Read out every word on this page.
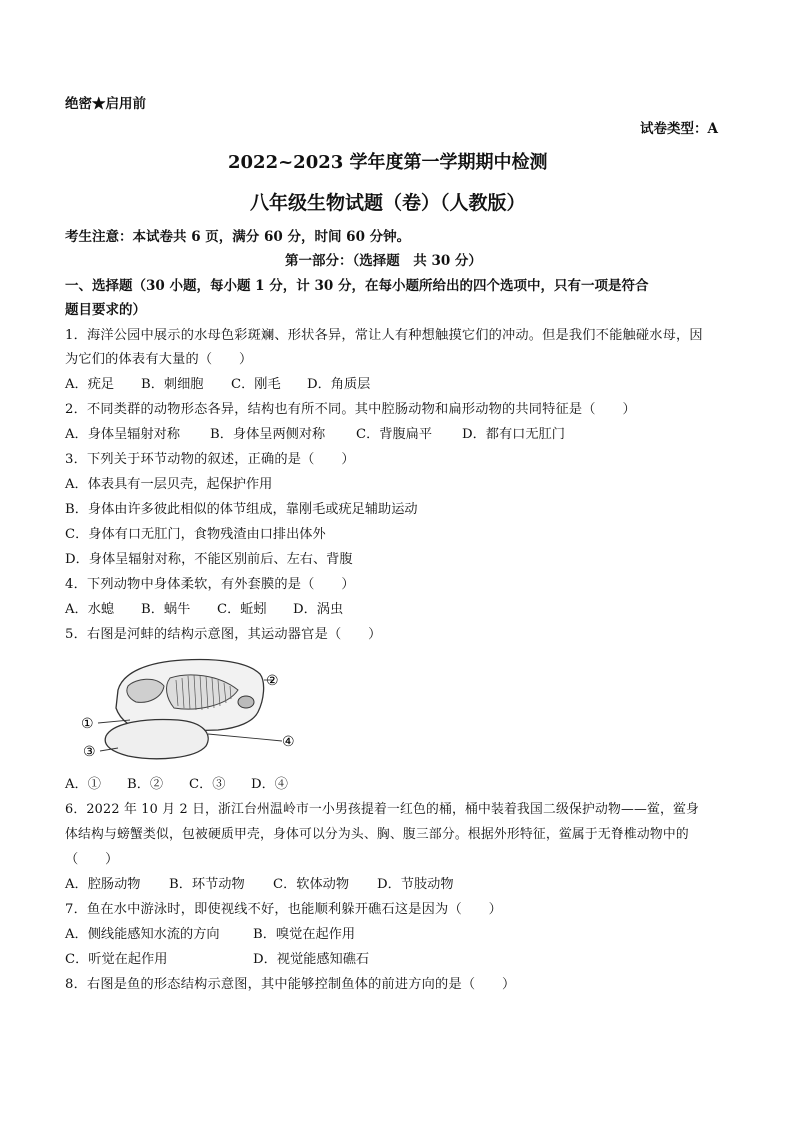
绝密★启用前
试卷类型：A
2022~2023 学年度第一学期期中检测
八年级生物试题（卷）（人教版）
考生注意：本试卷共 6 页，满分 60 分，时间 60 分钟。
第一部分：（选择题　共 30 分）
一、选择题（30 小题，每小题 1 分，计 30 分，在每小题所给出的四个选项中，只有一项是符合
题目要求的）
1．海洋公园中展示的水母色彩斑斓、形状各异，常让人有种想触摸它们的冲动。但是我们不能触碰水母，因
为它们的体表有大量的（　　）
A．疣足 B．刺细胞 C．刚毛 D．角质层
2．不同类群的动物形态各异，结构也有所不同。其中腔肠动物和扁形动物的共同特征是（　　）
A．身体呈辐射对称 B．身体呈两侧对称 C．背腹扁平 D．都有口无肛门
3．下列关于环节动物的叙述，正确的是（　　）
A．体表具有一层贝壳，起保护作用
B．身体由许多彼此相似的体节组成，靠刚毛或疣足辅助运动
C．身体有口无肛门，食物残渣由口排出体外
D．身体呈辐射对称，不能区别前后、左右、背腹
4．下列动物中身体柔软，有外套膜的是（　　）
A．水螅 B．蜗牛 C．蚯蚓 D．涡虫
5．右图是河蚌的结构示意图，其运动器官是（　　）
①
②
③
④
A．① B．② C．③ D．④
6．2022 年 10 月 2 日，浙江台州温岭市一小男孩提着一红色的桶，桶中装着我国二级保护动物——鲎，鲎身
体结构与螃蟹类似，包被硬质甲壳，身体可以分为头、胸、腹三部分。根据外形特征，鲎属于无脊椎动物中的
（　　）
A．腔肠动物 B．环节动物 C．软体动物 D．节肢动物
7．鱼在水中游泳时，即使视线不好，也能顺利躲开礁石这是因为（　　）
A．侧线能感知水流的方向	B．嗅觉在起作用
C．听觉在起作用	D．视觉能感知礁石
8．右图是鱼的形态结构示意图，其中能够控制鱼体的前进方向的是（　　）
